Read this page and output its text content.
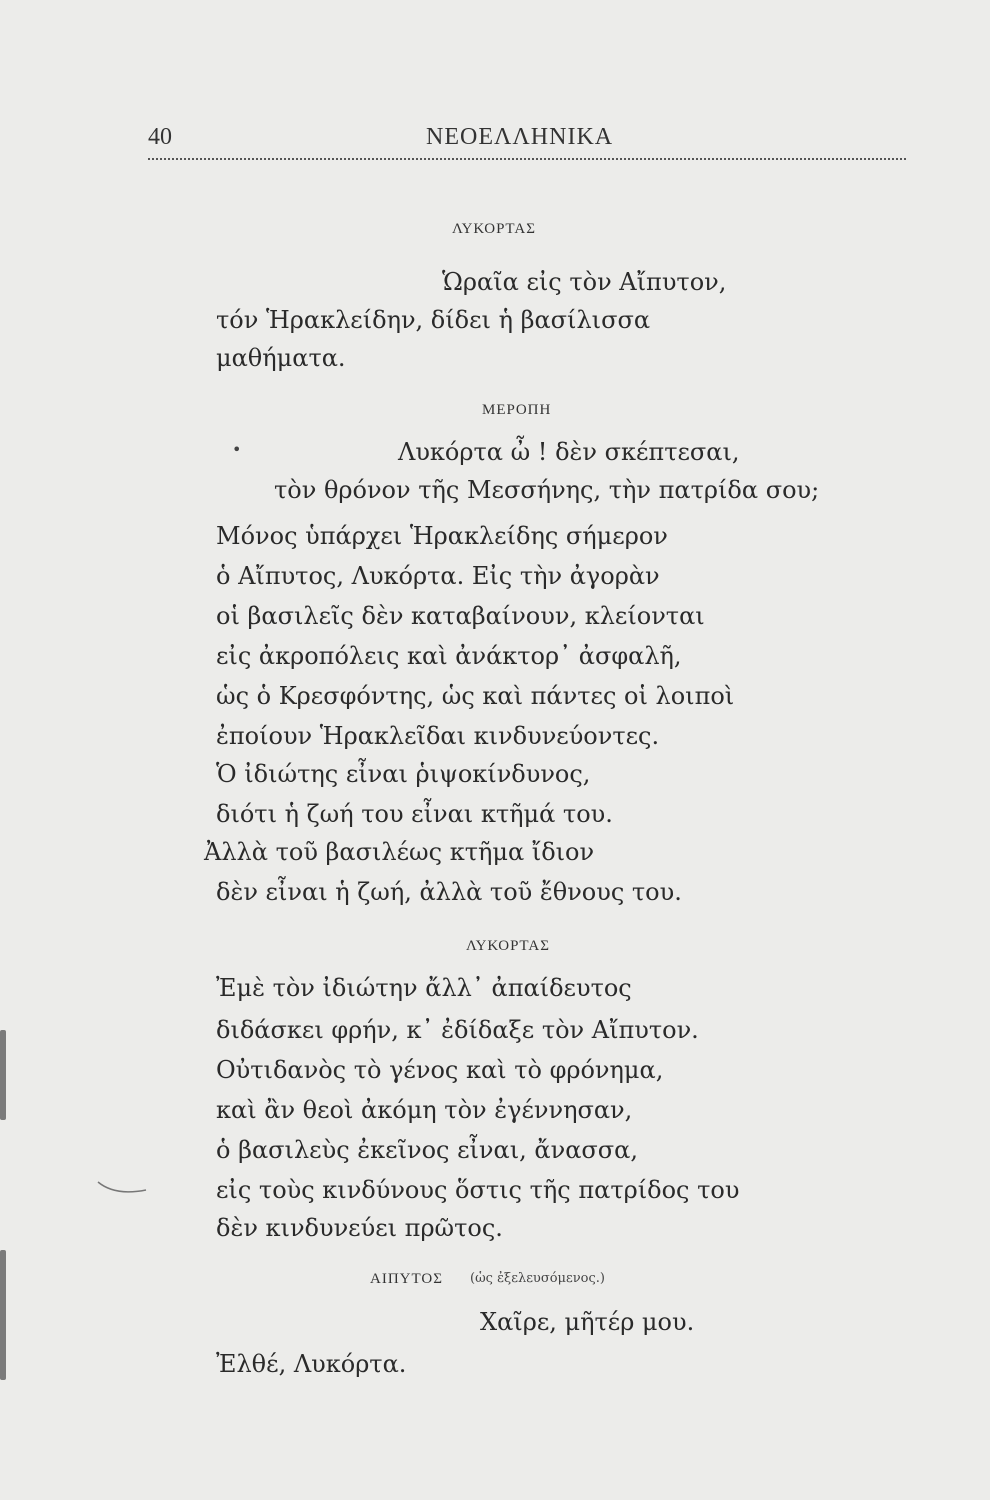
40	ΝΕΟΕΛΛΗΝΙΚΑ
ΛΥΚΟΡΤΑΣ
Ὡραῖα εἰς τὸν Αἴπυτον,
τόν Ἡρακλείδην, δίδει ἡ βασίλισσα
μαθήματα.
ΜΕΡΟΠΗ
•	Λυκόρτα ὦ ! δὲν σκέπτεσαι,
τὸν θρόνον τῆς Μεσσήνης, τὴν πατρίδα σου;
Μόνος ὑπάρχει Ἡρακλείδης σήμερον
ὁ Αἴπυτος, Λυκόρτα. Εἰς τὴν ἀγορὰν
οἱ βασιλεῖς δὲν καταβαίνουν, κλείονται
εἰς ἀκροπόλεις καὶ ἀνάκτορ᾽ ἀσφαλῆ,
ὡς ὁ Κρεσφόντης, ὡς καὶ πάντες οἱ λοιποὶ
ἐποίουν Ἡρακλεῖδαι κινδυνεύοντες.
Ὁ ἰδιώτης εἶναι ῥιψοκίνδυνος,
διότι ἡ ζωή του εἶναι κτῆμά του.
Ἀλλὰ τοῦ βασιλέως κτῆμα ἴδιον
δὲν εἶναι ἡ ζωή, ἀλλὰ τοῦ ἔθνους του.
ΛΥΚΟΡΤΑΣ
Ἐμὲ τὸν ἰδιώτην ἄλλ᾽ ἀπαίδευτος
διδάσκει φρήν, κ᾽ ἐδίδαξε τὸν Αἴπυτον.
Οὐτιδανὸς τὸ γένος καὶ τὸ φρόνημα,
καὶ ἂν θεοὶ ἀκόμη τὸν ἐγέννησαν,
ὁ βασιλεὺς ἐκεῖνος εἶναι, ἄνασσα,
εἰς τοὺς κινδύνους ὅστις τῆς πατρίδος του
δὲν κινδυνεύει πρῶτος.
ΑΙΠΥΤΟΣ (ὡς ἐξελευσόμενος.)
Χαῖρε, μῆτέρ μου.
Ἐλθέ, Λυκόρτα.
